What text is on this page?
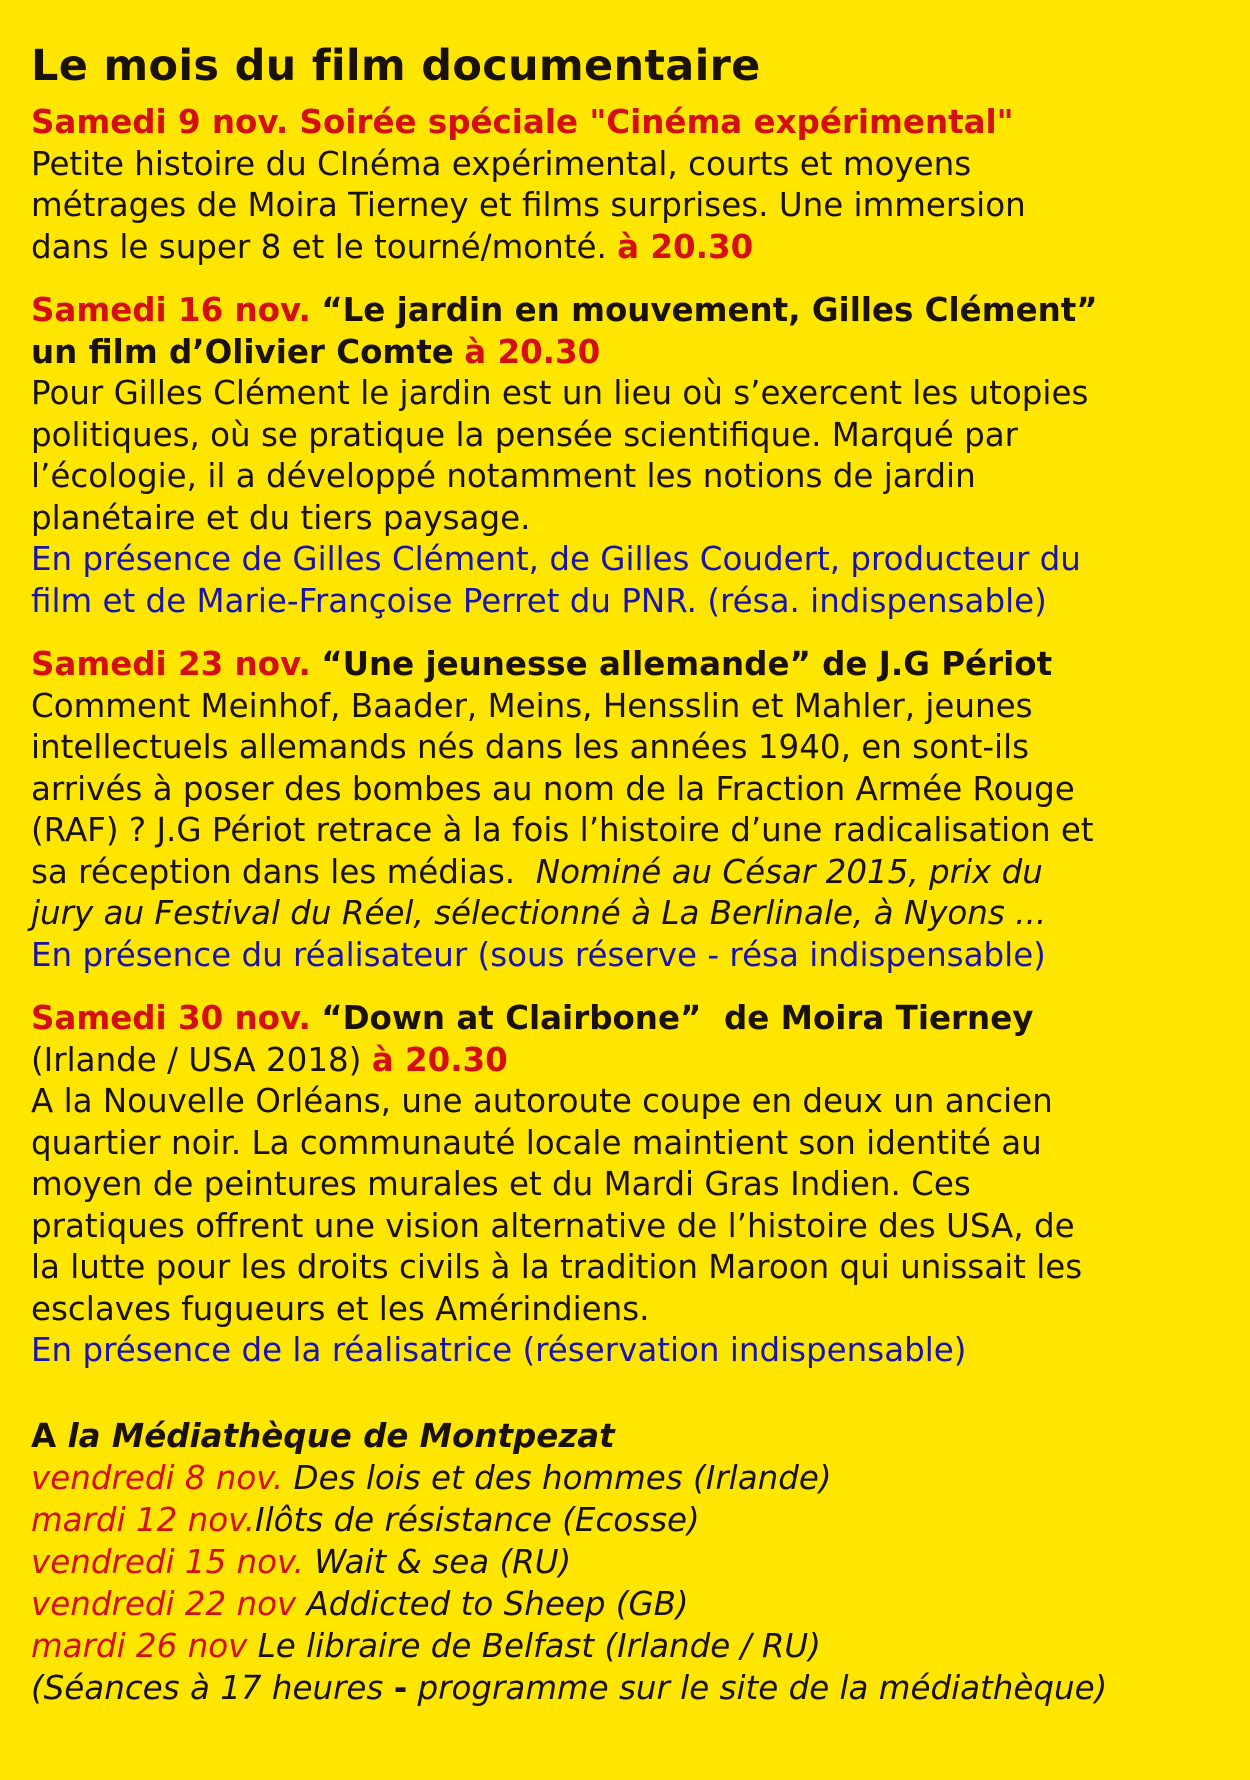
Le mois du film documentaire
Samedi 9 nov. Soirée spéciale "Cinéma expérimental"
Petite histoire du CInéma expérimental, courts et moyens
métrages de Moira Tierney et films surprises. Une immersion
dans le super 8 et le tourné/monté. à 20.30
Samedi 16 nov. “Le jardin en mouvement, Gilles Clément”
un film d’Olivier Comte à 20.30
Pour Gilles Clément le jardin est un lieu où s’exercent les utopies
politiques, où se pratique la pensée scientifique. Marqué par
l’écologie, il a développé notamment les notions de jardin
planétaire et du tiers paysage.
En présence de Gilles Clément, de Gilles Coudert, producteur du
film et de Marie-Françoise Perret du PNR. (résa. indispensable)
Samedi 23 nov. “Une jeunesse allemande” de J.G Périot
Comment Meinhof, Baader, Meins, Hensslin et Mahler, jeunes
intellectuels allemands nés dans les années 1940, en sont-ils
arrivés à poser des bombes au nom de la Fraction Armée Rouge
(RAF) ? J.G Périot retrace à la fois l’histoire d’une radicalisation et
sa réception dans les médias. Nominé au César 2015, prix du
jury au Festival du Réel, sélectionné à La Berlinale, à Nyons ...
En présence du réalisateur (sous réserve - résa indispensable)
Samedi 30 nov. “Down at Clairbone”  de Moira Tierney
(Irlande / USA 2018) à 20.30
A la Nouvelle Orléans, une autoroute coupe en deux un ancien
quartier noir. La communauté locale maintient son identité au
moyen de peintures murales et du Mardi Gras Indien. Ces
pratiques offrent une vision alternative de l’histoire des USA, de
la lutte pour les droits civils à la tradition Maroon qui unissait les
esclaves fugueurs et les Amérindiens.
En présence de la réalisatrice (réservation indispensable)
A la Médiathèque de Montpezat
vendredi 8 nov. Des lois et des hommes (Irlande)
mardi 12 nov.Ilôts de résistance (Ecosse)
vendredi 15 nov. Wait & sea (RU)
vendredi 22 nov Addicted to Sheep (GB)
mardi 26 nov Le libraire de Belfast (Irlande / RU)
(Séances à 17 heures - programme sur le site de la médiathèque)
